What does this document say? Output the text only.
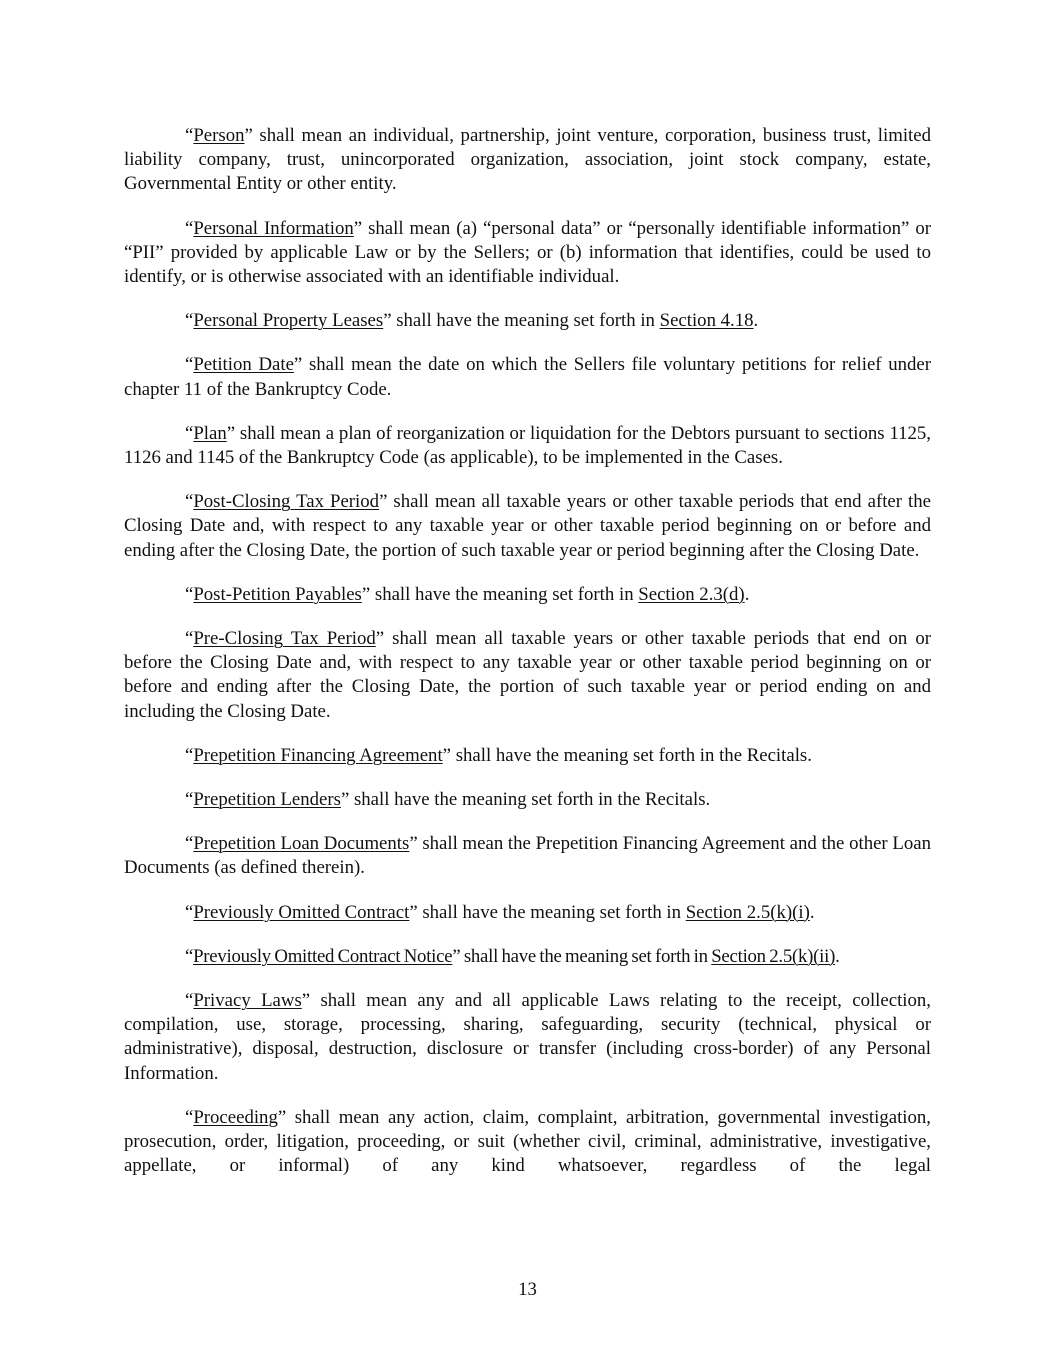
“Person” shall mean an individual, partnership, joint venture, corporation, business trust, limited liability company, trust, unincorporated organization, association, joint stock company, estate, Governmental Entity or other entity.

“Personal Information” shall mean (a) “personal data” or “personally identifiable information” or “PII” provided by applicable Law or by the Sellers; or (b) information that identifies, could be used to identify, or is otherwise associated with an identifiable individual.

“Personal Property Leases” shall have the meaning set forth in Section 4.18.

“Petition Date” shall mean the date on which the Sellers file voluntary petitions for relief under chapter 11 of the Bankruptcy Code.

“Plan” shall mean a plan of reorganization or liquidation for the Debtors pursuant to sections 1125, 1126 and 1145 of the Bankruptcy Code (as applicable), to be implemented in the Cases.

“Post-Closing Tax Period” shall mean all taxable years or other taxable periods that end after the Closing Date and, with respect to any taxable year or other taxable period beginning on or before and ending after the Closing Date, the portion of such taxable year or period beginning after the Closing Date.

“Post-Petition Payables” shall have the meaning set forth in Section 2.3(d).

“Pre-Closing Tax Period” shall mean all taxable years or other taxable periods that end on or before the Closing Date and, with respect to any taxable year or other taxable period beginning on or before and ending after the Closing Date, the portion of such taxable year or period ending on and including the Closing Date.

“Prepetition Financing Agreement” shall have the meaning set forth in the Recitals.

“Prepetition Lenders” shall have the meaning set forth in the Recitals.

“Prepetition Loan Documents” shall mean the Prepetition Financing Agreement and the other Loan Documents (as defined therein).

“Previously Omitted Contract” shall have the meaning set forth in Section 2.5(k)(i).

“Previously Omitted Contract Notice” shall have the meaning set forth in Section 2.5(k)(ii).

“Privacy Laws” shall mean any and all applicable Laws relating to the receipt, collection, compilation, use, storage, processing, sharing, safeguarding, security (technical, physical or administrative), disposal, destruction, disclosure or transfer (including cross-border) of any Personal Information.

“Proceeding” shall mean any action, claim, complaint, arbitration, governmental investigation, prosecution, order, litigation, proceeding, or suit (whether civil, criminal, administrative, investigative, appellate, or informal) of any kind whatsoever, regardless of the legal

13
